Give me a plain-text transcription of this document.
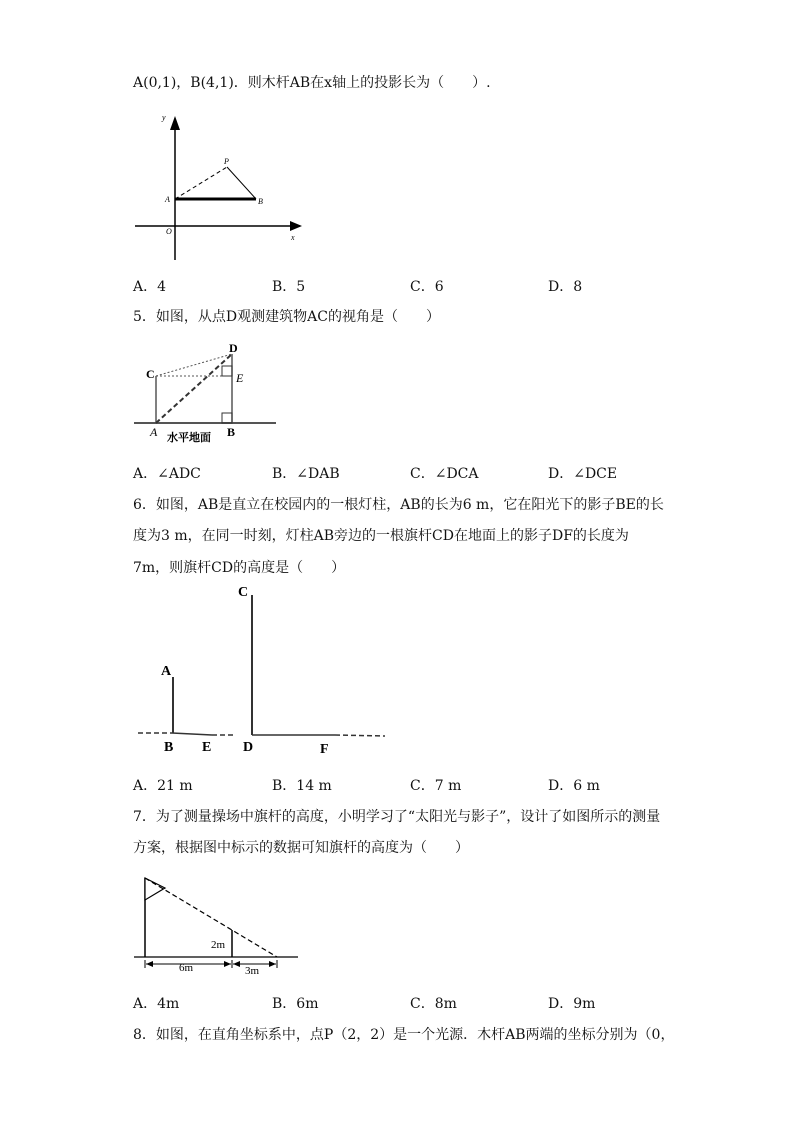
A(0,1)，B(4,1)．则木杆AB在x轴上的投影长为（　　）.
y
x
O
A	B
P
A．4	B．5	C．6	D．8
5．如图，从点D观测建筑物AC的视角是（　　）
C
D
E
A	B
水平地面
A．∠ADC	B．∠DAB	C．∠DCA	D．∠DCE
6．如图，AB是直立在校园内的一根灯柱，AB的长为6 m，它在阳光下的影子BE的长
度为3 m，在同一时刻，灯柱AB旁边的一根旗杆CD在地面上的影子DF的长度为
7m，则旗杆CD的高度是（　　）
A
B E
C
D	F
A．21 m	B．14 m	C．7 m	D．6 m
7．为了测量操场中旗杆的高度，小明学习了“太阳光与影子”，设计了如图所示的测量
方案，根据图中标示的数据可知旗杆的高度为（　　）
2m
6m	3m
A．4m	B．6m	C．8m	D．9m
8．如图，在直角坐标系中，点P（2，2）是一个光源．木杆AB两端的坐标分别为（0，
